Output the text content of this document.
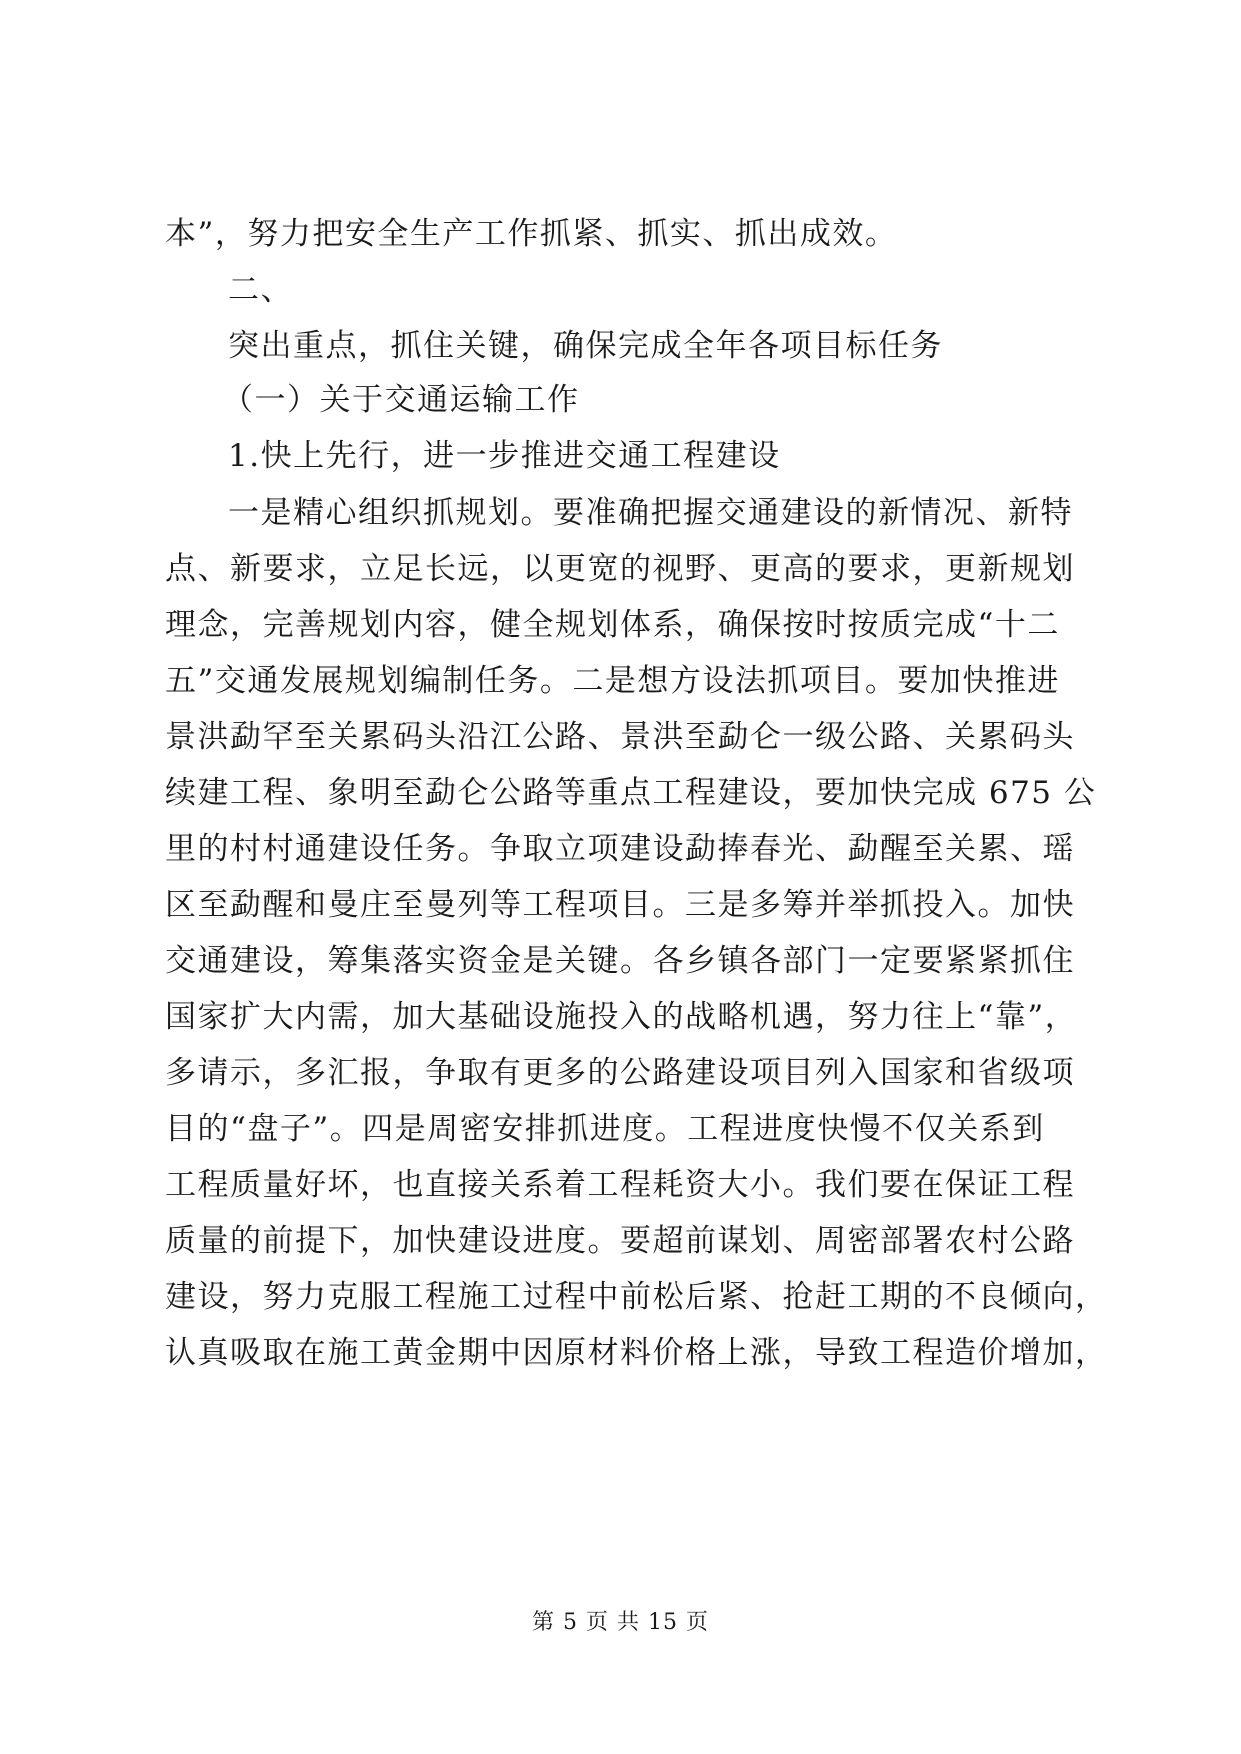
本”，努力把安全生产工作抓紧、抓实、抓出成效。
二、
突出重点，抓住关键，确保完成全年各项目标任务
（一）关于交通运输工作
1.快上先行，进一步推进交通工程建设
一是精心组织抓规划。要准确把握交通建设的新情况、新特
点、新要求，立足长远，以更宽的视野、更高的要求，更新规划
理念，完善规划内容，健全规划体系，确保按时按质完成“十二
五”交通发展规划编制任务。二是想方设法抓项目。要加快推进
景洪勐罕至关累码头沿江公路、景洪至勐仑一级公路、关累码头
续建工程、象明至勐仑公路等重点工程建设，要加快完成 675 公
里的村村通建设任务。争取立项建设勐捧春光、勐醒至关累、瑶
区至勐醒和曼庄至曼列等工程项目。三是多筹并举抓投入。加快
交通建设，筹集落实资金是关键。各乡镇各部门一定要紧紧抓住
国家扩大内需，加大基础设施投入的战略机遇，努力往上“靠”，
多请示，多汇报，争取有更多的公路建设项目列入国家和省级项
目的“盘子”。四是周密安排抓进度。工程进度快慢不仅关系到
工程质量好坏，也直接关系着工程耗资大小。我们要在保证工程
质量的前提下，加快建设进度。要超前谋划、周密部署农村公路
建设，努力克服工程施工过程中前松后紧、抢赶工期的不良倾向，
认真吸取在施工黄金期中因原材料价格上涨，导致工程造价增加，
第 5 页 共 15 页
